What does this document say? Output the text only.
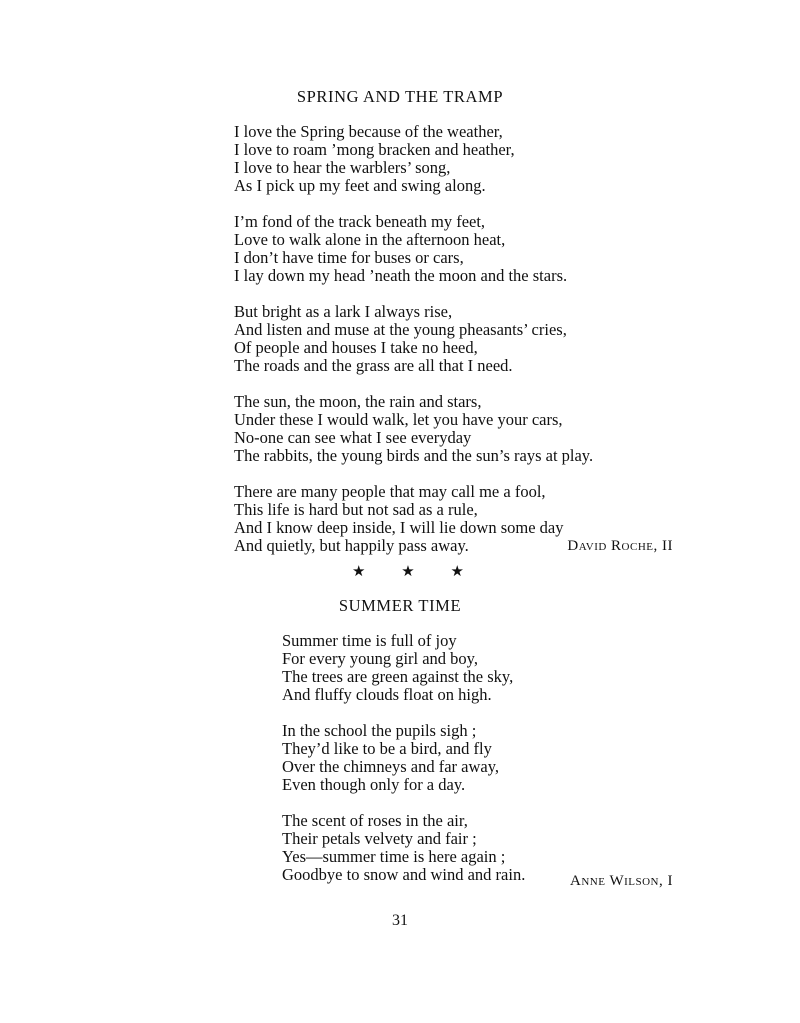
SPRING AND THE TRAMP
I love the Spring because of the weather,
I love to roam ’mong bracken and heather,
I love to hear the warblers’ song,
As I pick up my feet and swing along.
I’m fond of the track beneath my feet,
Love to walk alone in the afternoon heat,
I don’t have time for buses or cars,
I lay down my head ’neath the moon and the stars.
But bright as a lark I always rise,
And listen and muse at the young pheasants’ cries,
Of people and houses I take no heed,
The roads and the grass are all that I need.
The sun, the moon, the rain and stars,
Under these I would walk, let you have your cars,
No-one can see what I see everyday
The rabbits, the young birds and the sun’s rays at play.
There are many people that may call me a fool,
This life is hard but not sad as a rule,
And I know deep inside, I will lie down some day
And quietly, but happily pass away.	David Roche, II
★ ★ ★
SUMMER TIME
Summer time is full of joy
For every young girl and boy,
The trees are green against the sky,
And fluffy clouds float on high.
In the school the pupils sigh ;
They’d like to be a bird, and fly
Over the chimneys and far away,
Even though only for a day.
The scent of roses in the air,
Their petals velvety and fair ;
Yes—summer time is here again ;
Goodbye to snow and wind and rain.	Anne Wilson, I
31
